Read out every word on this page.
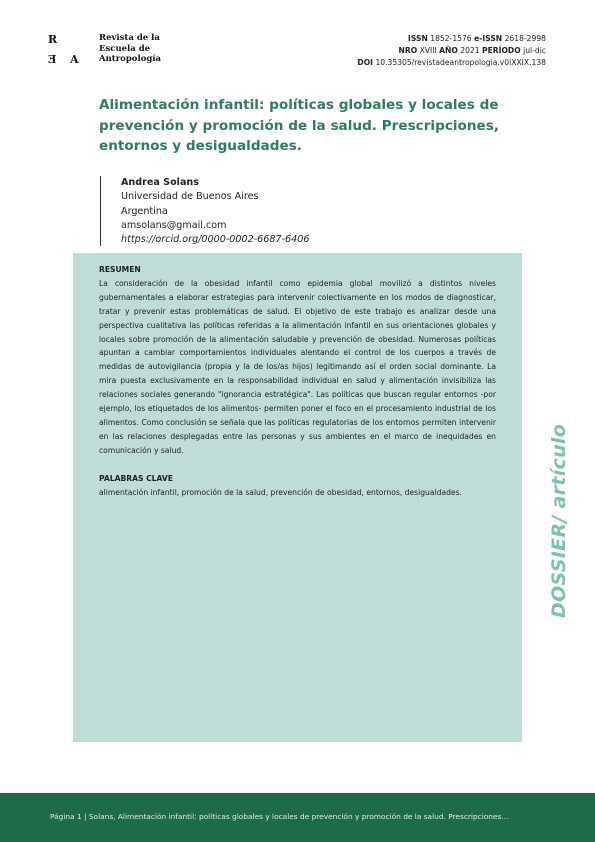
R
E A
Revista de la
Escuela de
Antropología
ISSN 1852-1576 e-ISSN 2618-2998
NRO XVIII AÑO 2021 PERÍODO jul-dic
DOI 10.35305/revistadeantropologia.v0iXXIX.138
Alimentación infantil: políticas globales y locales de prevención y promoción de la salud. Prescripciones, entornos y desigualdades.
Andrea Solans
Universidad de Buenos Aires
Argentina
amsolans@gmail.com
https://orcid.org/0000-0002-6687-6406
RESUMEN

La consideración de la obesidad infantil como epidemia global movilizó a distintos niveles gubernamentales a elaborar estrategias para intervenir colectivamente en los modos de diagnosticar, tratar y prevenir estas problemáticas de salud. El objetivo de este trabajo es analizar desde una perspectiva cualitativa las políticas referidas a la alimentación infantil en sus orientaciones globales y locales sobre promoción de la alimentación saludable y prevención de obesidad. Numerosas políticas apuntan a cambiar comportamientos individuales alentando el control de los cuerpos a través de medidas de autovigilancia (propia y la de los/as hijos) legitimando así el orden social dominante. La mira puesta exclusivamente en la responsabilidad individual en salud y alimentación invisibiliza las relaciones sociales generando "ignorancia estratégica". Las políticas que buscan regular entornos -por ejemplo, los etiquetados de los alimentos- permiten poner el foco en el procesamiento industrial de los alimentos. Como conclusión se señala que las políticas regulatorias de los entornos permiten intervenir en las relaciones desplegadas entre las personas y sus ambientes en el marco de inequidades en comunicación y salud.

PALABRAS CLAVE

alimentación infantil, promoción de la salud, prevención de obesidad, entornos, desigualdades.	DOSSIER/ artículo
Página 1 | Solans, Alimentación infantil: políticas globales y locales de prevención y promoción de la salud. Prescripciones...
